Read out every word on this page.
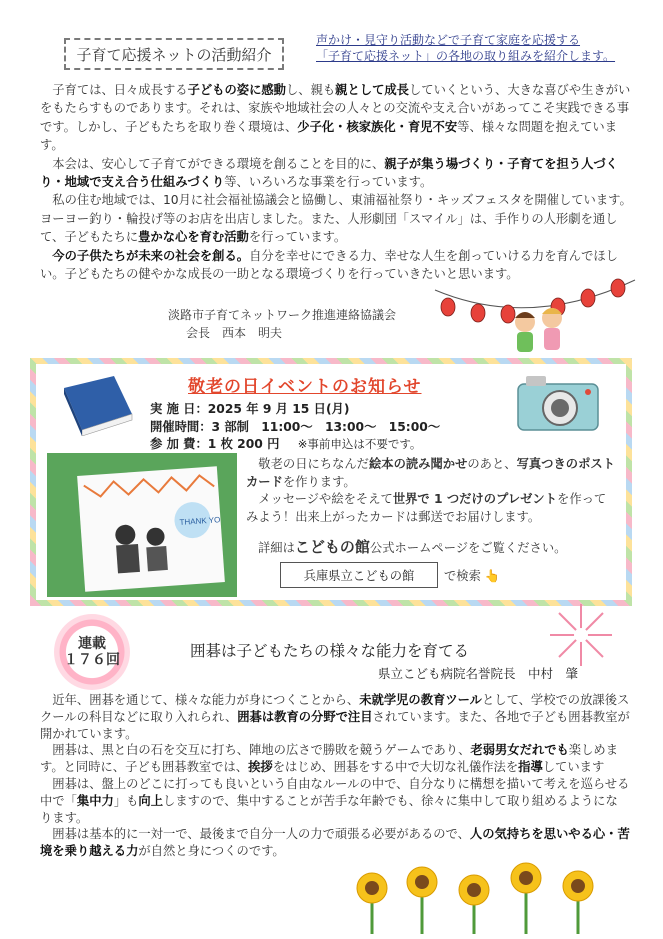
子育て応援ネットの活動紹介
声かけ・見守り活動などで子育て家庭を応援する
「子育て応援ネット」の各地の取り組みを紹介します。

子育ては、日々成長する子どもの姿に感動し、親も親として成長していくという、大きな喜びや生きがいをもたらすものであります。それは、家族や地域社会の人々との交流や支え合いがあってこそ実践できる事です。しかし、子どもたちを取り巻く環境は、少子化・核家族化・育児不安等、様々な問題を抱えています。

本会は、安心して子育てができる環境を創ることを目的に、親子が集う場づくり・子育てを担う人づくり・地域で支え合う仕組みづくり等、いろいろな事業を行っています。

私の住む地域では、10月に社会福祉協議会と協働し、東浦福祉祭り・キッズフェスタを開催しています。ヨーヨー釣り・輪投げ等のお店を出店しました。また、人形劇団「スマイル」は、手作りの人形劇を通して、子どもたちに豊かな心を育む活動を行っています。

今の子供たちが未来の社会を創る。自分を幸せにできる力、幸せな人生を創っていける力を育んでほしい。子どもたちの健やかな成長の一助となる環境づくりを行っていきたいと思います。

淡路市子育てネットワーク推進連絡協議会
会長　西本　明夫
敬老の日イベントのお知らせ
実 施 日：2025 年 9 月 15 日(月)
開催時間：3 部制　11:00～　13:00～　15:00～
参 加 費：1 枚 200 円 ※事前申込は不要です。
THANK YOU

敬老の日にちなんだ絵本の読み聞かせのあと、写真つきのポストカードを作ります。

メッセージや絵をそえて世界で 1 つだけのプレゼントを作ってみよう！出来上がったカードは郵送でお届けします。

詳細はこどもの館公式ホームページをご覧ください。
兵庫県立こどもの館 で検索 👆
連載
１７６回	囲碁は子どもたちの様々な能力を育てる
県立こども病院名誉院長　中村　肇

近年、囲碁を通じて、様々な能力が身につくことから、未就学児の教育ツールとして、学校での放課後スクールの科目などに取り入れられ、囲碁は教育の分野で注目されています。また、各地で子ども囲碁教室が開かれています。

囲碁は、黒と白の石を交互に打ち、陣地の広さで勝敗を競うゲームであり、老弱男女だれでも楽しめます。と同時に、子ども囲碁教室では、挨拶をはじめ、囲碁をする中で大切な礼儀作法を指導しています

囲碁は、盤上のどこに打っても良いという自由なルールの中で、自分なりに構想を描いて考えを巡らせる中で「集中力」も向上しますので、集中することが苦手な年齢でも、徐々に集中して取り組めるようになります。

囲碁は基本的に一対一で、最後まで自分一人の力で頑張る必要があるので、人の気持ちを思いやる心・苦境を乗り越える力が自然と身につくのです。
